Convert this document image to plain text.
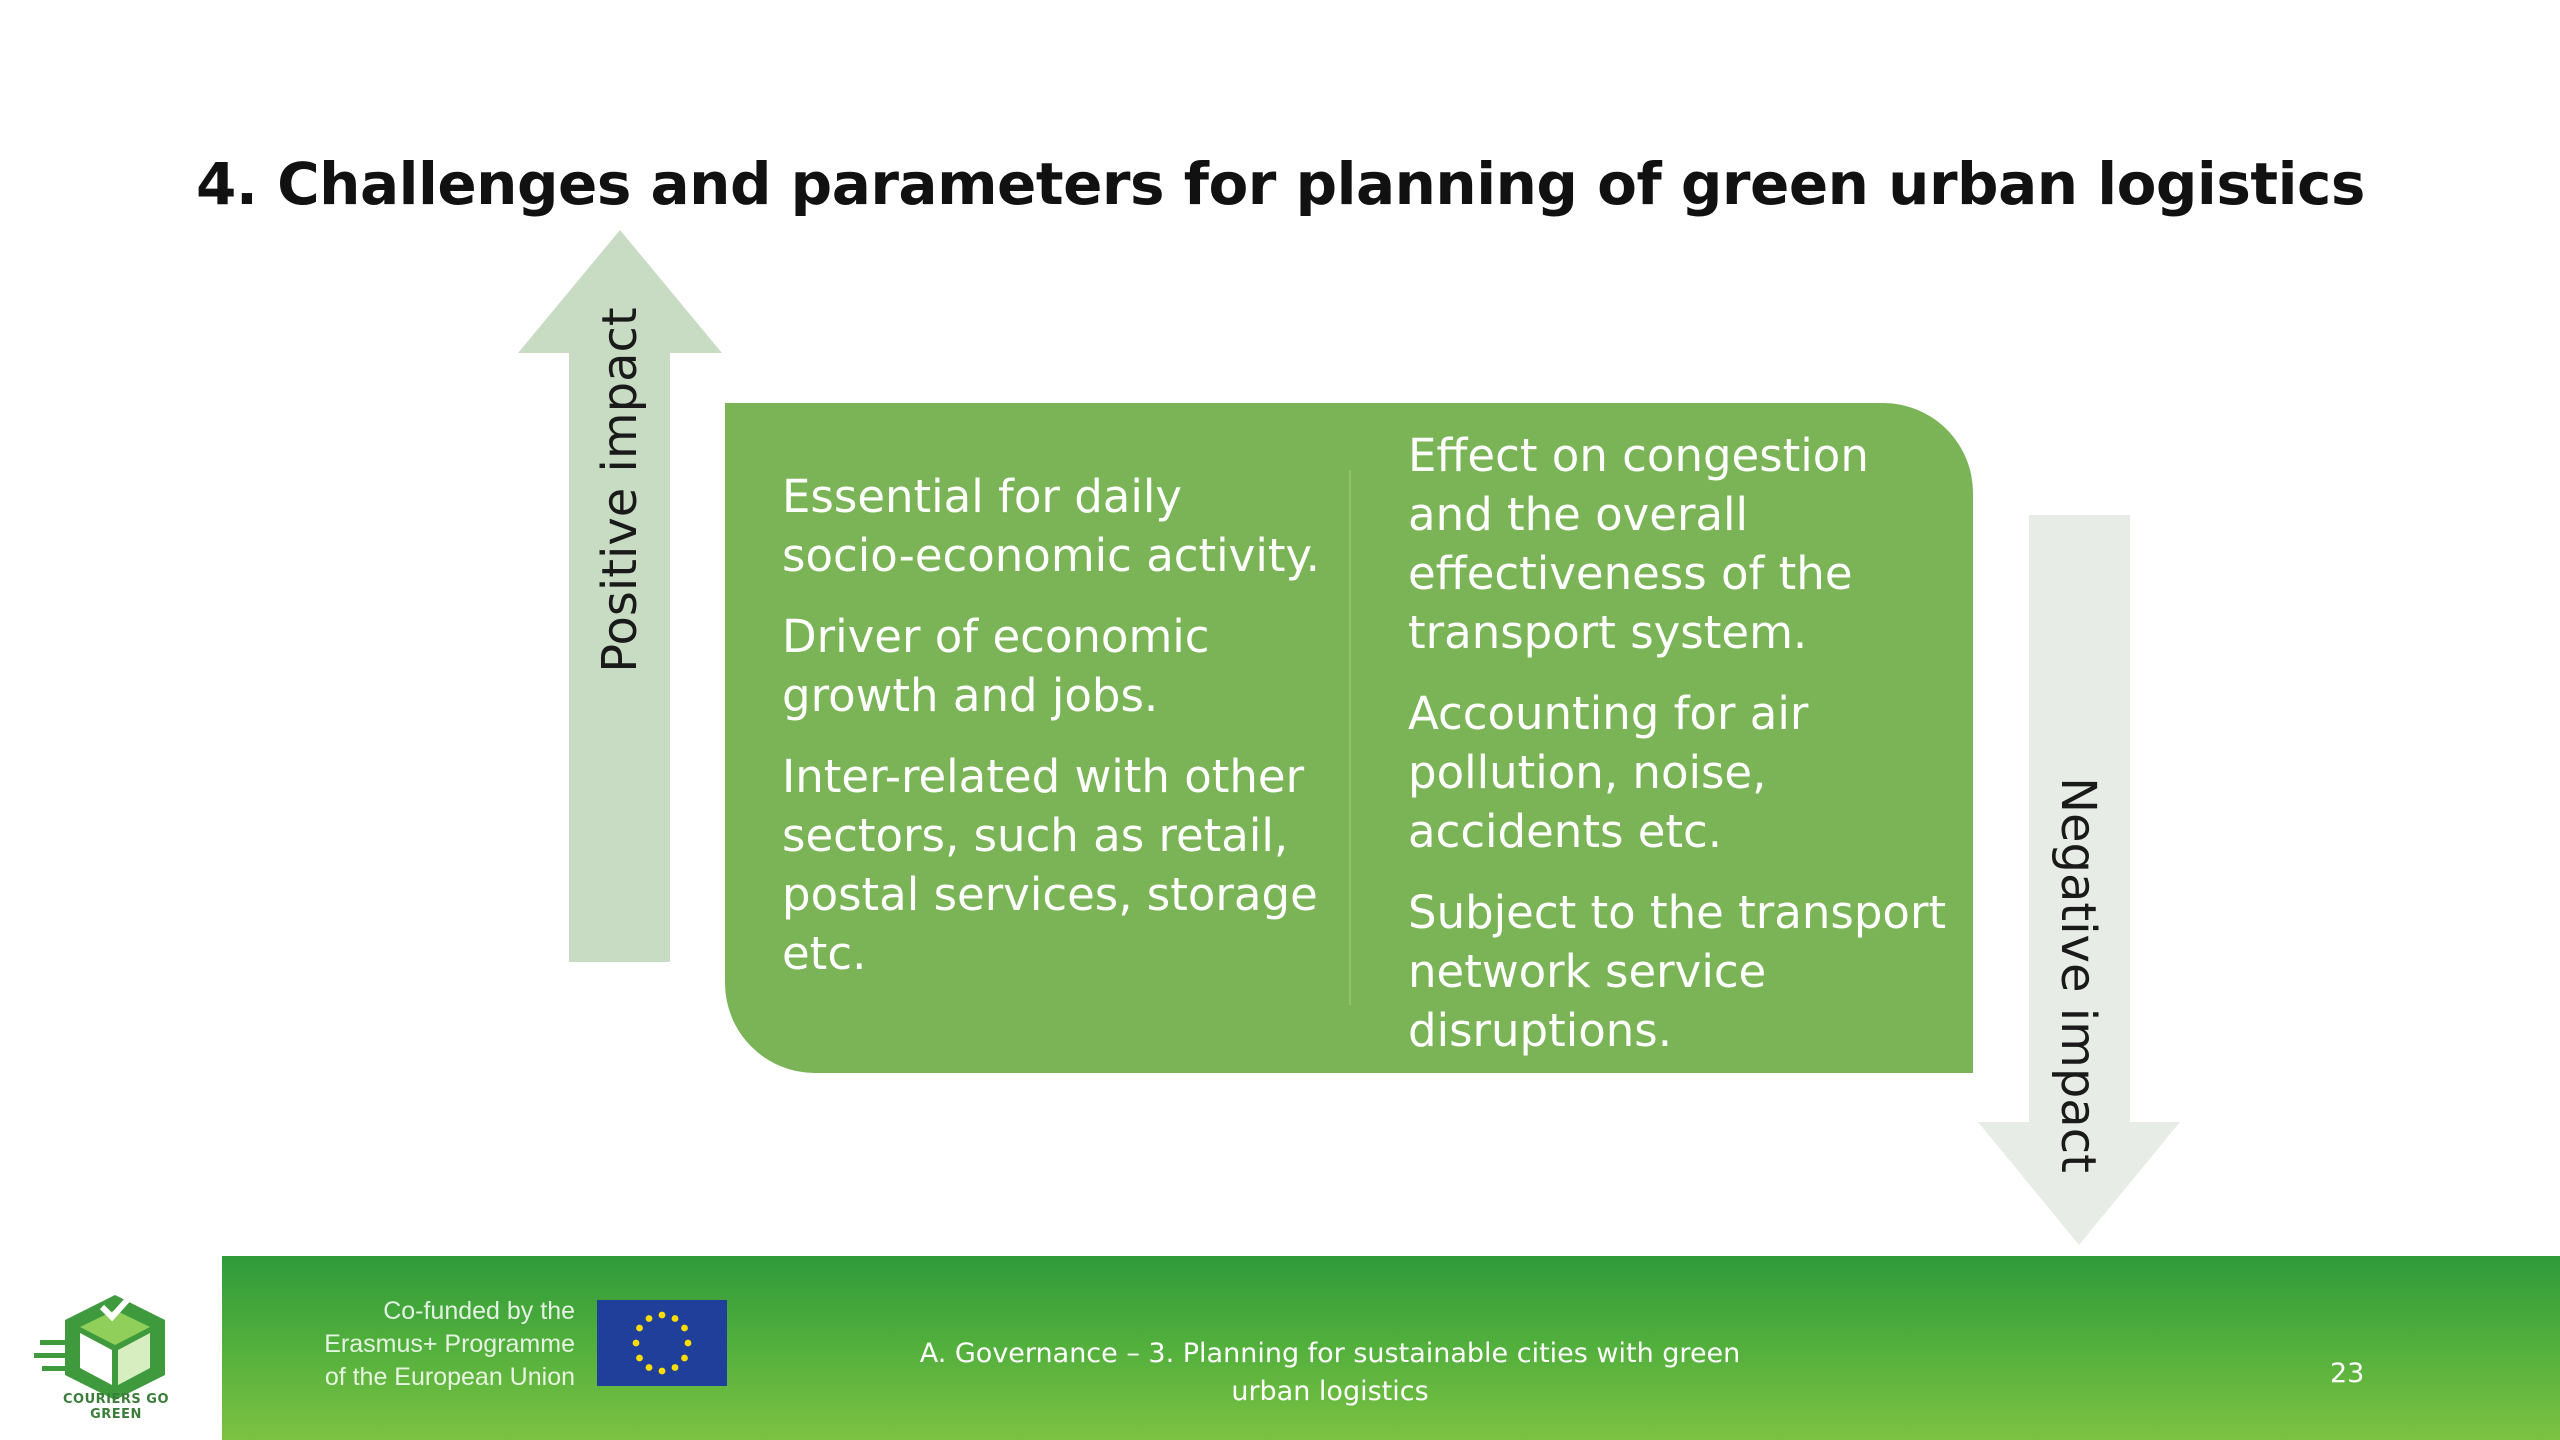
4. Challenges and parameters for planning of green urban logistics
Positive impact
Negative impact

Essential for daily socio-economic activity.

Driver of economic growth and jobs.

Inter-related with other sectors, such as retail, postal services, storage etc.

Effect on congestion and the overall effectiveness of the transport system.

Accounting for air pollution, noise, accidents etc.

Subject to the transport network service disruptions.

COURIERS GO GREEN
Co-funded by the
Erasmus+ Programme
of the European Union
A. Governance – 3. Planning for sustainable cities with green
urban logistics
23
